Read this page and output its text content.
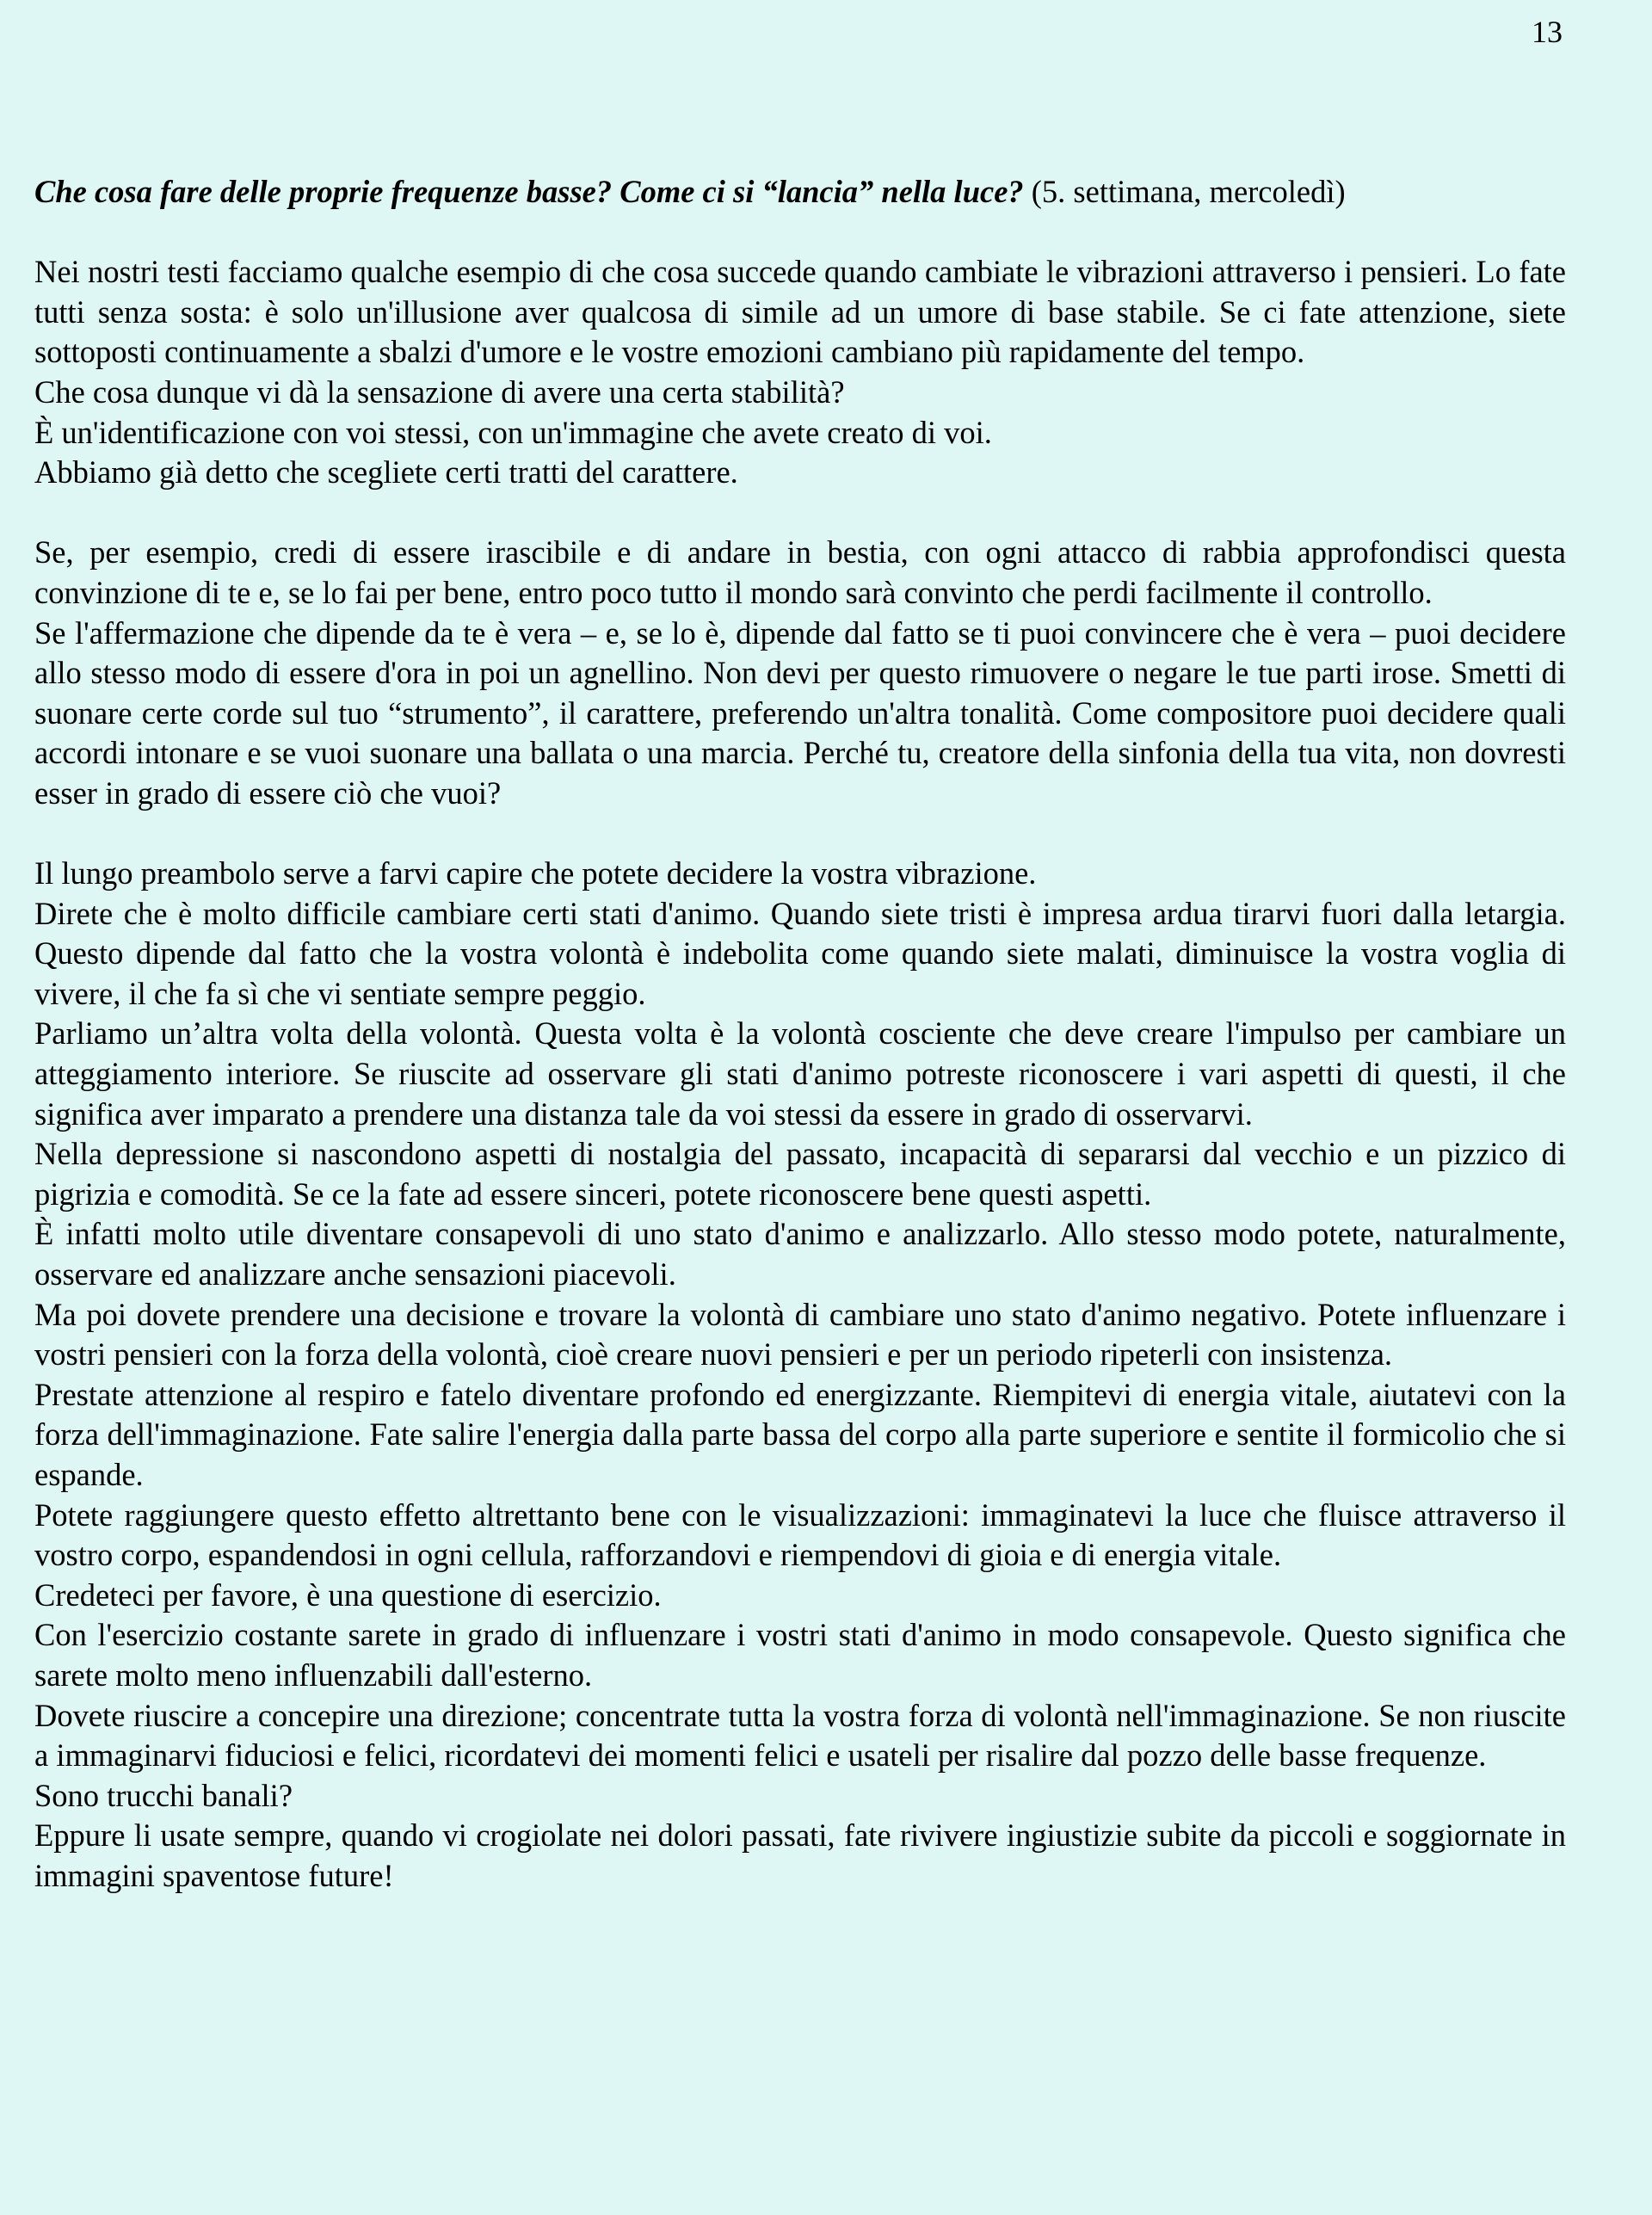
13

Che cosa fare delle proprie frequenze basse? Come ci si “lancia” nella luce? (5. settimana, mercoledì)

Nei nostri testi facciamo qualche esempio di che cosa succede quando cambiate le vibrazioni attraverso i pensieri. Lo fate tutti senza sosta: è solo un'illusione aver qualcosa di simile ad un umore di base stabile. Se ci fate attenzione, siete sottoposti continuamente a sbalzi d'umore e le vostre emozioni cambiano più rapidamente del tempo.

Che cosa dunque vi dà la sensazione di avere una certa stabilità?

È un'identificazione con voi stessi, con un'immagine che avete creato di voi.

Abbiamo già detto che scegliete certi tratti del carattere.

Se, per esempio, credi di essere irascibile e di andare in bestia, con ogni attacco di rabbia approfondisci questa convinzione di te e, se lo fai per bene, entro poco tutto il mondo sarà convinto che perdi facilmente il controllo.

Se l'affermazione che dipende da te è vera – e, se lo è, dipende dal fatto se ti puoi convincere che è vera – puoi decidere allo stesso modo di essere d'ora in poi un agnellino. Non devi per questo rimuovere o negare le tue parti irose. Smetti di suonare certe corde sul tuo “strumento”, il carattere, preferendo un'altra tonalità. Come compositore puoi decidere quali accordi intonare e se vuoi suonare una ballata o una marcia. Perché tu, creatore della sinfonia della tua vita, non dovresti esser in grado di essere ciò che vuoi?

Il lungo preambolo serve a farvi capire che potete decidere la vostra vibrazione.

Direte che è molto difficile cambiare certi stati d'animo. Quando siete tristi è impresa ardua tirarvi fuori dalla letargia. Questo dipende dal fatto che la vostra volontà è indebolita come quando siete malati, diminuisce la vostra voglia di vivere, il che fa sì che vi sentiate sempre peggio.

Parliamo un’altra volta della volontà. Questa volta è la volontà cosciente che deve creare l'impulso per cambiare un atteggiamento interiore. Se riuscite ad osservare gli stati d'animo potreste riconoscere i vari aspetti di questi, il che significa aver imparato a prendere una distanza tale da voi stessi da essere in grado di osservarvi.

Nella depressione si nascondono aspetti di nostalgia del passato, incapacità di separarsi dal vecchio e un pizzico di pigrizia e comodità. Se ce la fate ad essere sinceri, potete riconoscere bene questi aspetti.

È infatti molto utile diventare consapevoli di uno stato d'animo e analizzarlo. Allo stesso modo potete, naturalmente, osservare ed analizzare anche sensazioni piacevoli.

Ma poi dovete prendere una decisione e trovare la volontà di cambiare uno stato d'animo negativo. Potete influenzare i vostri pensieri con la forza della volontà, cioè creare nuovi pensieri e per un periodo ripeterli con insistenza.

Prestate attenzione al respiro e fatelo diventare profondo ed energizzante. Riempitevi di energia vitale, aiutatevi con la forza dell'immaginazione. Fate salire l'energia dalla parte bassa del corpo alla parte superiore e sentite il formicolio che si espande.

Potete raggiungere questo effetto altrettanto bene con le visualizzazioni: immaginatevi la luce che fluisce attraverso il vostro corpo, espandendosi in ogni cellula, rafforzandovi e riempendovi di gioia e di energia vitale.

Credeteci per favore, è una questione di esercizio.

Con l'esercizio costante sarete in grado di influenzare i vostri stati d'animo in modo consapevole. Questo significa che sarete molto meno influenzabili dall'esterno.

Dovete riuscire a concepire una direzione; concentrate tutta la vostra forza di volontà nell'immaginazione. Se non riuscite a immaginarvi fiduciosi e felici, ricordatevi dei momenti felici e usateli per risalire dal pozzo delle basse frequenze.

Sono trucchi banali?

Eppure li usate sempre, quando vi crogiolate nei dolori passati, fate rivivere ingiustizie subite da piccoli e soggiornate in immagini spaventose future!
